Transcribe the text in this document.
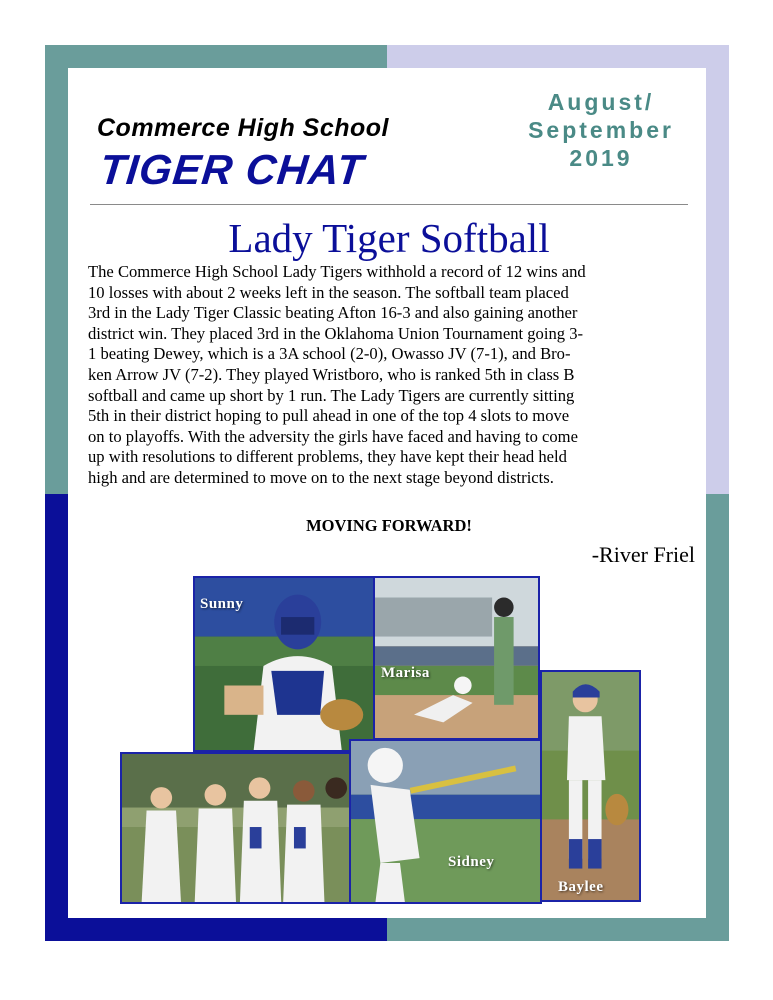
Commerce High School
TIGER CHAT
August/
September
2019
Lady Tiger Softball
The Commerce High School Lady Tigers withhold a record of 12 wins and
10 losses with about 2 weeks left in the season. The softball team placed
3rd in the Lady Tiger Classic beating Afton 16-3 and also gaining another
district win. They placed 3rd in the Oklahoma Union Tournament going 3-
1 beating Dewey, which is a 3A school (2-0), Owasso JV (7-1), and Bro-
ken Arrow JV (7-2). They played Wristboro, who is ranked 5th in class B
softball and came up short by 1 run. The Lady Tigers are currently sitting
5th in their district hoping to pull ahead in one of the top 4 slots to move
on to playoffs. With the adversity the girls have faced and having to come
up with resolutions to different problems, they have kept their head held
high and are determined to move on to the next stage beyond districts.
MOVING FORWARD!
-River Friel
Sunny
Marisa
Baylee
Sidney
